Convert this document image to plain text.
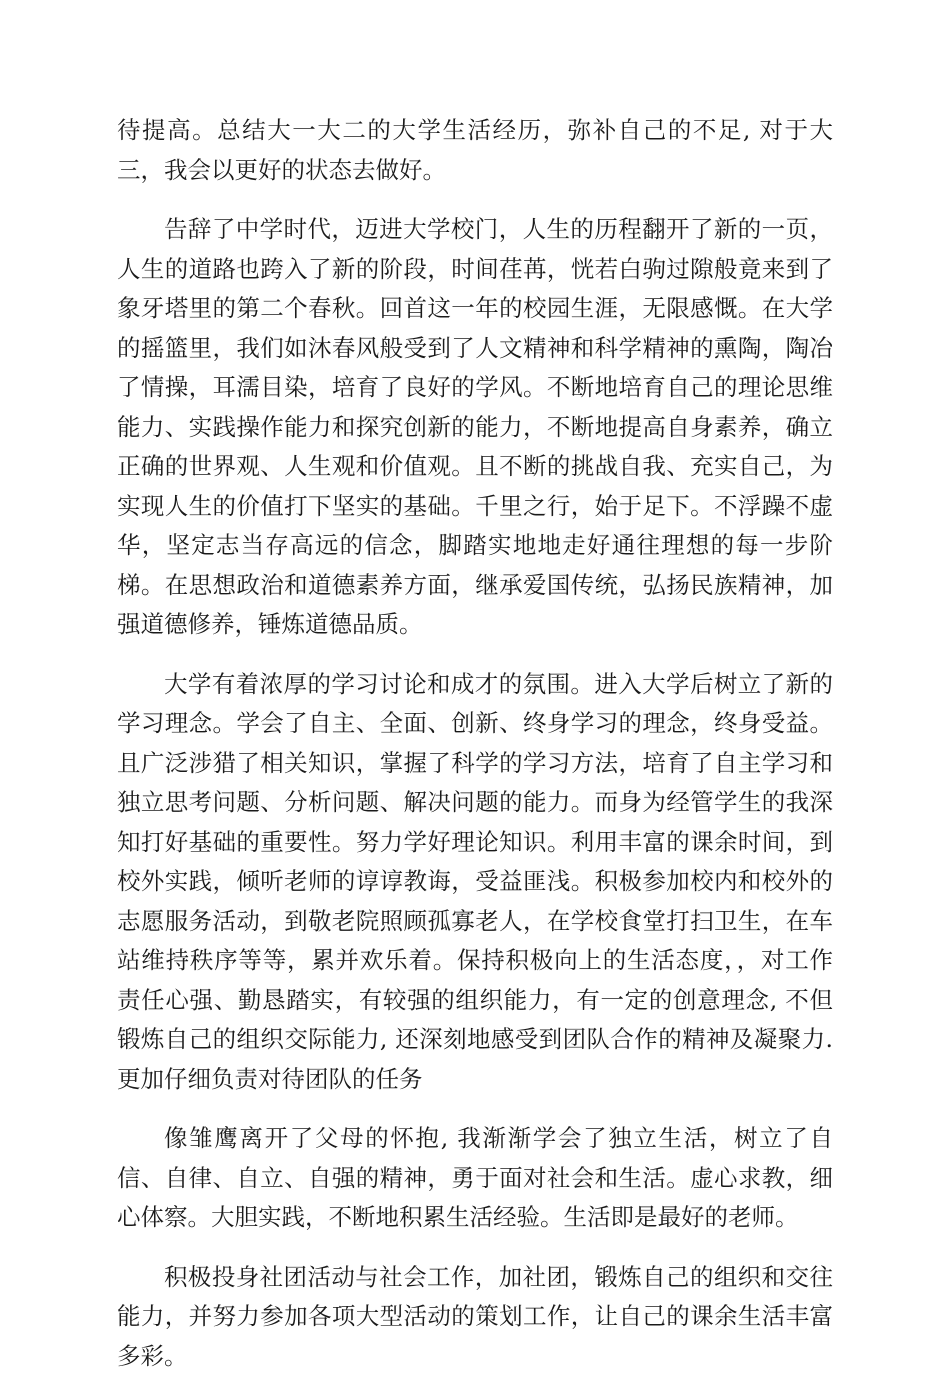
待提高。总结大一大二的大学生活经历，弥补自己的不足, 对于大三，我会以更好的状态去做好。

告辞了中学时代，迈进大学校门，人生的历程翻开了新的一页，人生的道路也跨入了新的阶段，时间荏苒，恍若白驹过隙般竟来到了象牙塔里的第二个春秋。回首这一年的校园生涯，无限感慨。在大学的摇篮里，我们如沐春风般受到了人文精神和科学精神的熏陶，陶冶了情操，耳濡目染，培育了良好的学风。不断地培育自己的理论思维能力、实践操作能力和探究创新的能力，不断地提高自身素养，确立正确的世界观、人生观和价值观。且不断的挑战自我、充实自己，为实现人生的价值打下坚实的基础。千里之行，始于足下。不浮躁不虚华，坚定志当存高远的信念，脚踏实地地走好通往理想的每一步阶梯。在思想政治和道德素养方面，继承爱国传统，弘扬民族精神，加强道德修养，锤炼道德品质。

大学有着浓厚的学习讨论和成才的氛围。进入大学后树立了新的学习理念。学会了自主、全面、创新、终身学习的理念，终身受益。且广泛涉猎了相关知识，掌握了科学的学习方法，培育了自主学习和独立思考问题、分析问题、解决问题的能力。而身为经管学生的我深知打好基础的重要性。努力学好理论知识。利用丰富的课余时间，到校外实践，倾听老师的谆谆教诲，受益匪浅。积极参加校内和校外的志愿服务活动，到敬老院照顾孤寡老人，在学校食堂打扫卫生，在车站维持秩序等等，累并欢乐着。保持积极向上的生活态度，，对工作责任心强、勤恳踏实，有较强的组织能力，有一定的创意理念, 不但锻炼自己的组织交际能力, 还深刻地感受到团队合作的精神及凝聚力. 更加仔细负责对待团队的任务

像雏鹰离开了父母的怀抱, 我渐渐学会了独立生活，树立了自信、自律、自立、自强的精神，勇于面对社会和生活。虚心求教，细心体察。大胆实践，不断地积累生活经验。生活即是最好的老师。

积极投身社团活动与社会工作，加社团，锻炼自己的组织和交往能力，并努力参加各项大型活动的策划工作，让自己的课余生活丰富多彩。
